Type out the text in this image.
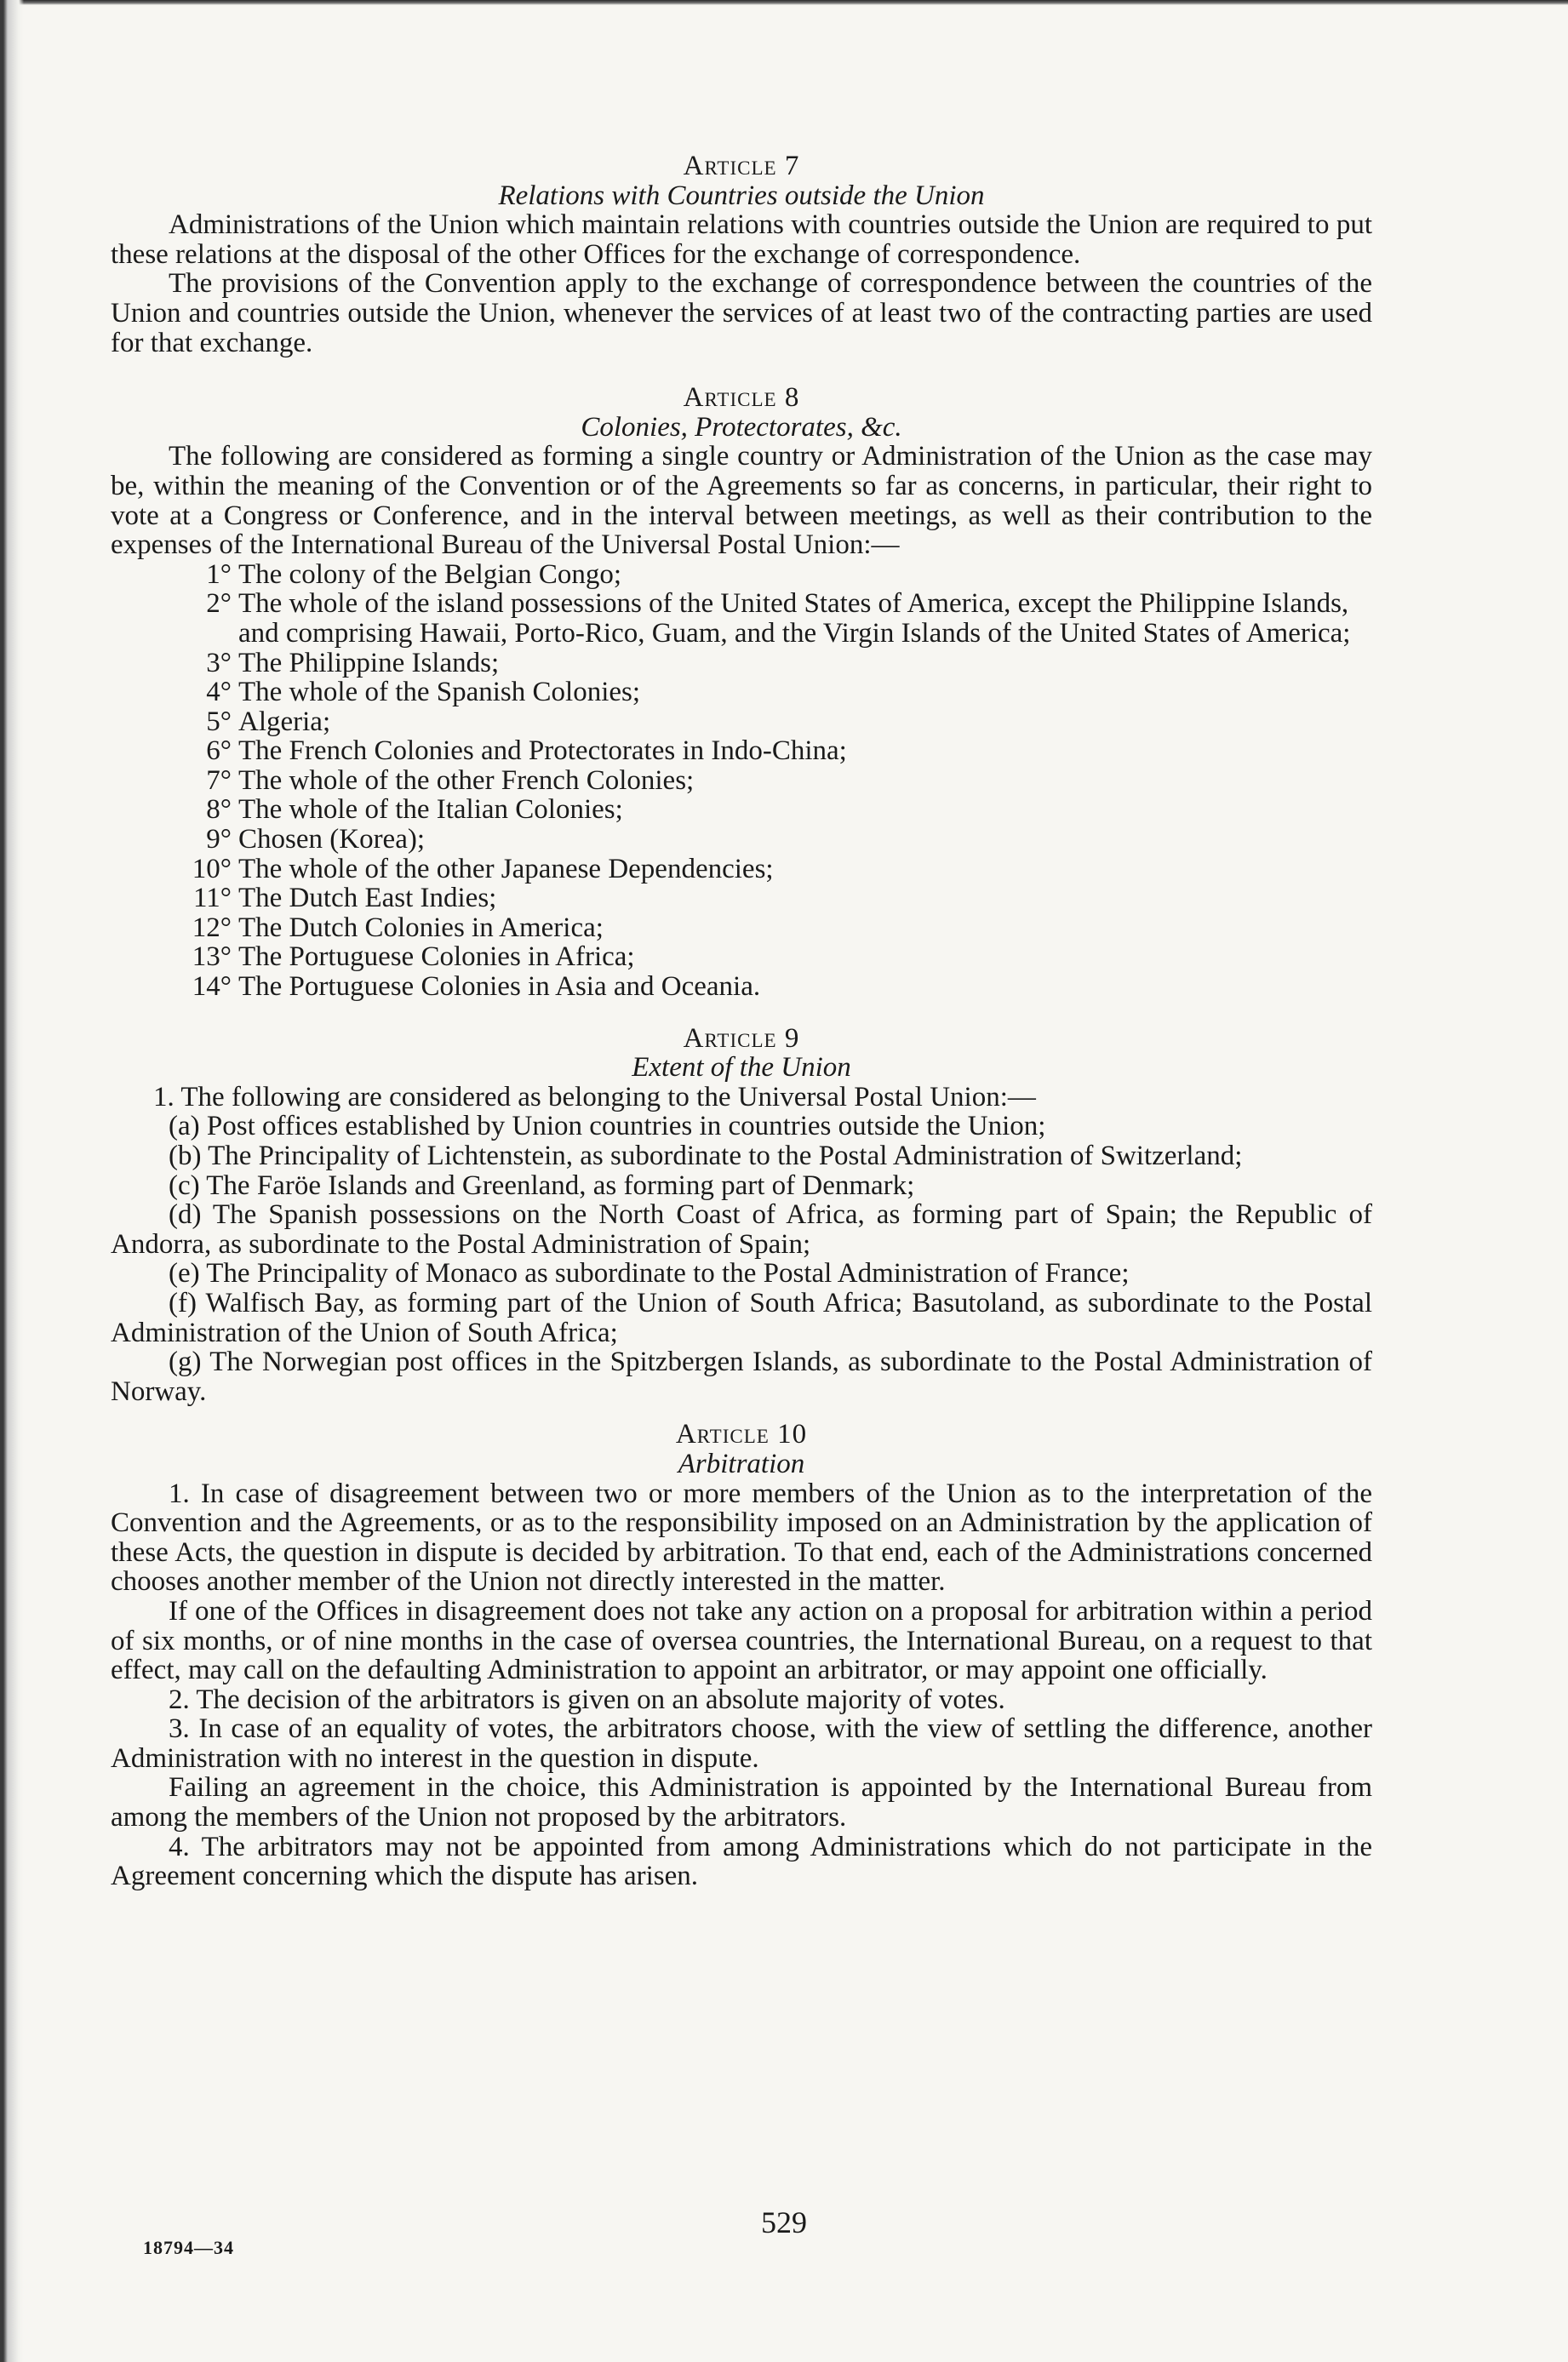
Article 7
Relations with Countries outside the Union

Administrations of the Union which maintain relations with countries outside the Union are required to put these relations at the disposal of the other Offices for the exchange of correspondence.

The provisions of the Convention apply to the exchange of correspondence between the countries of the Union and countries outside the Union, whenever the services of at least two of the contracting parties are used for that exchange.

Article 8
Colonies, Protectorates, &c.

The following are considered as forming a single country or Administration of the Union as the case may be, within the meaning of the Convention or of the Agreements so far as concerns, in particular, their right to vote at a Congress or Conference, and in the interval between meetings, as well as their contribution to the expenses of the International Bureau of the Universal Postal Union:—

1° The colony of the Belgian Congo;
2° The whole of the island possessions of the United States of America, except the Philippine Islands, and comprising Hawaii, Porto-Rico, Guam, and the Virgin Islands of the United States of America;
3° The Philippine Islands;
4° The whole of the Spanish Colonies;
5° Algeria;
6° The French Colonies and Protectorates in Indo-China;
7° The whole of the other French Colonies;
8° The whole of the Italian Colonies;
9° Chosen (Korea);
10° The whole of the other Japanese Dependencies;
11° The Dutch East Indies;
12° The Dutch Colonies in America;
13° The Portuguese Colonies in Africa;
14° The Portuguese Colonies in Asia and Oceania.
Article 9
Extent of the Union

1. The following are considered as belonging to the Universal Postal Union:—

(a) Post offices established by Union countries in countries outside the Union;

(b) The Principality of Lichtenstein, as subordinate to the Postal Administration of Switzerland;

(c) The Faröe Islands and Greenland, as forming part of Denmark;

(d) The Spanish possessions on the North Coast of Africa, as forming part of Spain; the Republic of Andorra, as subordinate to the Postal Administration of Spain;

(e) The Principality of Monaco as subordinate to the Postal Administration of France;

(f) Walfisch Bay, as forming part of the Union of South Africa; Basutoland, as subordinate to the Postal Administration of the Union of South Africa;

(g) The Norwegian post offices in the Spitzbergen Islands, as subordinate to the Postal Administration of Norway.

Article 10
Arbitration

1. In case of disagreement between two or more members of the Union as to the interpretation of the Convention and the Agreements, or as to the responsibility imposed on an Administration by the application of these Acts, the question in dispute is decided by arbitration. To that end, each of the Administrations concerned chooses another member of the Union not directly interested in the matter.

If one of the Offices in disagreement does not take any action on a proposal for arbitration within a period of six months, or of nine months in the case of oversea countries, the International Bureau, on a request to that effect, may call on the defaulting Administration to appoint an arbitrator, or may appoint one officially.

2. The decision of the arbitrators is given on an absolute majority of votes.

3. In case of an equality of votes, the arbitrators choose, with the view of settling the difference, another Administration with no interest in the question in dispute.

Failing an agreement in the choice, this Administration is appointed by the International Bureau from among the members of the Union not proposed by the arbitrators.

4. The arbitrators may not be appointed from among Administrations which do not participate in the Agreement concerning which the dispute has arisen.

529
18794—34
